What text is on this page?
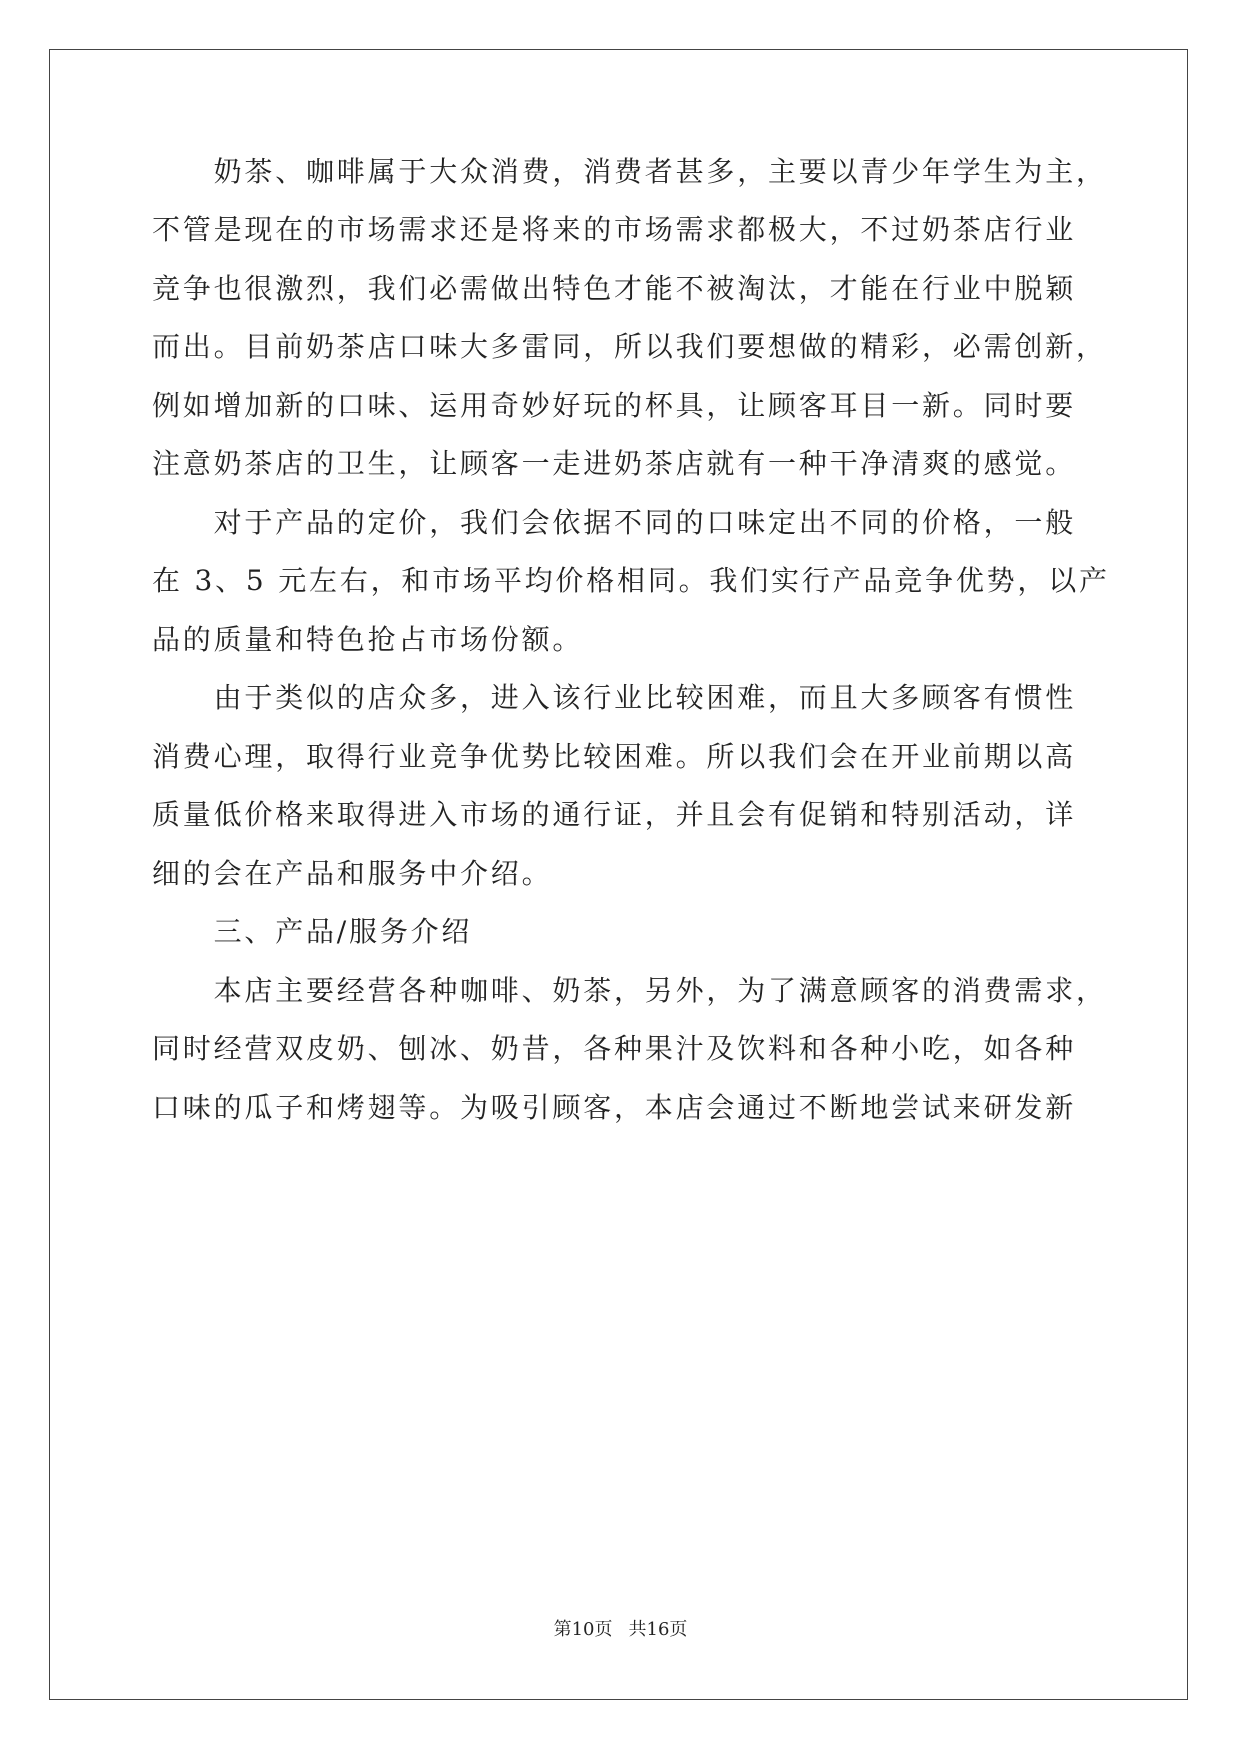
　　奶茶、咖啡属于大众消费，消费者甚多，主要以青少年学生为主，
不管是现在的市场需求还是将来的市场需求都极大，不过奶茶店行业
竞争也很激烈，我们必需做出特色才能不被淘汰，才能在行业中脱颖
而出。目前奶茶店口味大多雷同，所以我们要想做的精彩，必需创新，
例如增加新的口味、运用奇妙好玩的杯具，让顾客耳目一新。同时要
注意奶茶店的卫生，让顾客一走进奶茶店就有一种干净清爽的感觉。
　　对于产品的定价，我们会依据不同的口味定出不同的价格，一般
在 3、5 元左右，和市场平均价格相同。我们实行产品竞争优势，以产
品的质量和特色抢占市场份额。
　　由于类似的店众多，进入该行业比较困难，而且大多顾客有惯性
消费心理，取得行业竞争优势比较困难。所以我们会在开业前期以高
质量低价格来取得进入市场的通行证，并且会有促销和特别活动，详
细的会在产品和服务中介绍。
　　三、产品/服务介绍
　　本店主要经营各种咖啡、奶茶，另外，为了满意顾客的消费需求，
同时经营双皮奶、刨冰、奶昔，各种果汁及饮料和各种小吃，如各种
口味的瓜子和烤翅等。为吸引顾客，本店会通过不断地尝试来研发新
第10页 共16页
